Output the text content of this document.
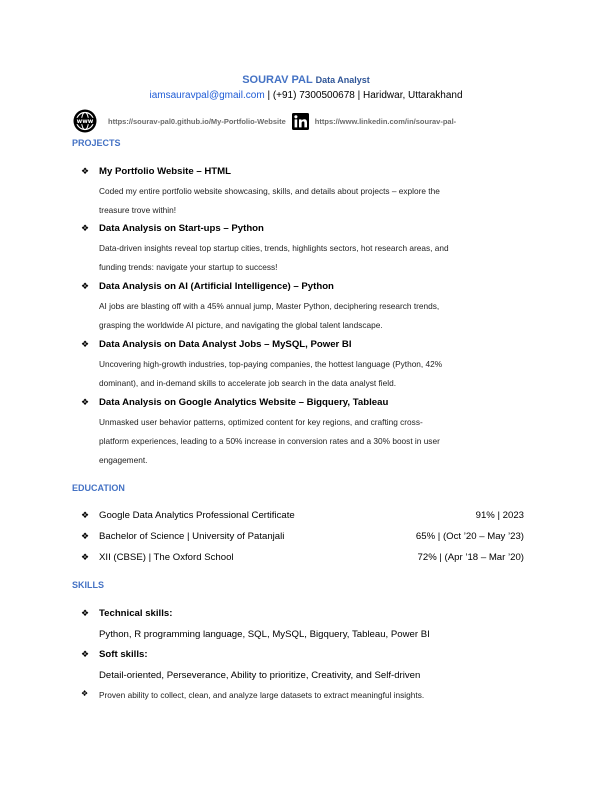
SOURAV PAL Data Analyst
iamsauravpal@gmail.com | (+91) 7300500678 | Haridwar, Uttarakhand
www https://sourav-pal0.github.io/My-Portfolio-Website	https://www.linkedin.com/in/sourav-pal-
PROJECTS
❖ My Portfolio Website – HTML
Coded my entire portfolio website showcasing, skills, and details about projects – explore the
treasure trove within!
❖ Data Analysis on Start-ups – Python
Data-driven insights reveal top startup cities, trends, highlights sectors, hot research areas, and
funding trends: navigate your startup to success!
❖ Data Analysis on AI (Artificial Intelligence) – Python
AI jobs are blasting off with a 45% annual jump, Master Python, deciphering research trends,
grasping the worldwide AI picture, and navigating the global talent landscape.
❖ Data Analysis on Data Analyst Jobs – MySQL, Power BI
Uncovering high-growth industries, top-paying companies, the hottest language (Python, 42%
dominant), and in-demand skills to accelerate job search in the data analyst field.
❖ Data Analysis on Google Analytics Website – Bigquery, Tableau
Unmasked user behavior patterns, optimized content for key regions, and crafting cross-
platform experiences, leading to a 50% increase in conversion rates and a 30% boost in user
engagement.
EDUCATION
❖ Google Data Analytics Professional Certificate	91% | 2023
❖ Bachelor of Science | University of Patanjali	65% | (Oct ’20 – May ’23)
❖ XII (CBSE) | The Oxford School	72% | (Apr ’18 – Mar ’20)
SKILLS
❖ Technical skills:
Python, R programming language, SQL, MySQL, Bigquery, Tableau, Power BI
❖ Soft skills:
Detail-oriented, Perseverance, Ability to prioritize, Creativity, and Self-driven
❖ Proven ability to collect, clean, and analyze large datasets to extract meaningful insights.
